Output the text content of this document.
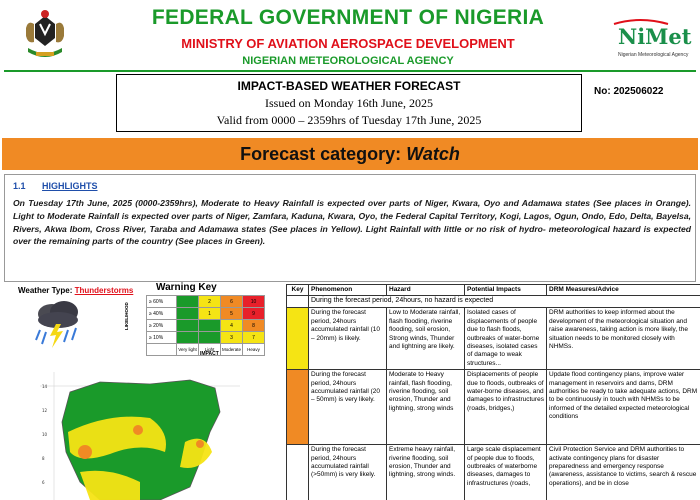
FEDERAL GOVERNMENT OF NIGERIA
MINISTRY OF AVIATION AEROSPACE DEVELOPMENT
NIGERIAN METEOROLOGICAL AGENCY
NiMet
Nigerian Meteorological Agency
IMPACT-BASED WEATHER FORECAST
Issued on Monday 16th June, 2025
Valid from 0000 – 2359hrs of Tuesday 17th June, 2025
No: 202506022
Forecast category: Watch
1.1 HIGHLIGHTS
On Tuesday 17th June, 2025 (0000-2359hrs), Moderate to Heavy Rainfall is expected over parts of Niger, Kwara, Oyo and Adamawa states (See places in Orange). Light to Moderate Rainfall is expected over parts of Niger, Zamfara, Kaduna, Kwara, Oyo, the Federal Capital Territory, Kogi, Lagos, Ogun, Ondo, Edo, Delta, Bayelsa, Rivers, Akwa Ibom, Cross River, Taraba and Adamawa states (See places in Yellow). Light Rainfall with little or no risk of hydro- meteorological hazard is expected over the remaining parts of the country (See places in Green).
Weather Type: Thunderstorms Warning Key
LIKELIHOOD
≥ 60%		2	6	10
≥ 40%		1	5	9
≥ 20%			4	8
≥ 10%			3	7
	Very light	Light	Moderate	Heavy
IMPACT
14
12
10
8
6
Key	Phenomenon	Hazard	Potential Impacts	DRM Measures/Advice
	During the forecast period, 24hours, no hazard is expected			
	During the forecast period, 24hours accumulated rainfall (10 – 20mm) is likely.	Low to Moderate rainfall, flash flooding, riverine flooding, soil erosion, Strong winds, Thunder and lightning are likely.	Isolated cases of displacements of people due to flash floods, outbreaks of water-borne diseases, isolated cases of damage to weak structures...	DRM authorities to keep informed about the development of the meteorological situation and raise awareness, taking action is more likely, the situation needs to be monitored closely with NHMSs.
	During the forecast period, 24hours accumulated rainfall (20 – 50mm) is very likely.	Moderate to Heavy rainfall, flash flooding, riverine flooding, soil erosion, Thunder and lightning, strong winds	Displacements of people due to floods, outbreaks of water-borne diseases, and damages to infrastructures (roads, bridges,)	Update flood contingency plans, improve water management in reservoirs and dams, DRM authorities be ready to take adequate actions, DRM to be continuously in touch with NHMSs to be informed of the detailed expected meteorological conditions
	During the forecast period, 24hours accumulated rainfall (>50mm) is very likely.	Extreme heavy rainfall, riverine flooding, soil erosion, Thunder and lightning, strong winds.	Large scale displacement of people due to floods, outbreaks of waterborne diseases, damages to infrastructures (roads,	Civil Protection Service and DRM authorities to activate contingency plans for disaster preparedness and emergency response (awareness, assistance to victims, search & rescue operations), and be in close
